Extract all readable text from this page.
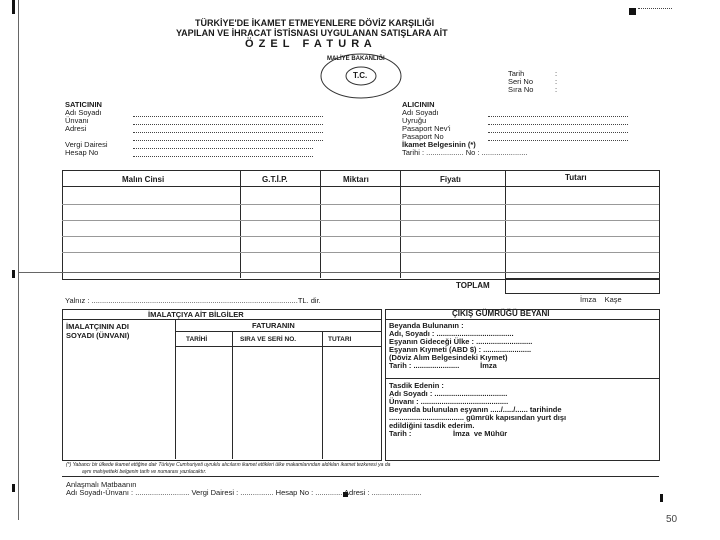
TÜRKİYE'DE İKAMET ETMEYENLERE DÖVİZ KARŞILIĞI
YAPILAN VE İHRACAT İSTİSNASI UYGULANAN SATIŞLARA AİT
Ö Z E L   F A T U R A
MALİYE BAKANLIĞI
T.C.	Tarih	:
Seri No	:
Sıra No	:
SATICININ
Adı Soyadı
Ünvanı
Adresi
Vergi Dairesi
Hesap No
ALICININ
Adı Soyadı
Uyruğu
Pasaport Nev'i
Pasaport No
İkamet Belgesinin (*)
Tarihi : .................. No : ......................
Malın Cinsi	G.T.İ.P.	Miktarı	Fiyatı	Tutarı
TOPLAM
Yalnız : ...................................................................................................TL. dir.	İmza    Kaşe
İMALATÇIYA AİT BİLGİLER
İMALATÇININ ADI SOYADI (ÜNVANI)
FATURANIN
TARİHİ	SIRA VE SERİ NO.	TUTARI
ÇIKIŞ GÜMRÜĞÜ BEYANI
Beyanda Bulunanın :
Adı, Soyadı : .....................................
Eşyanın Gideceği Ülke : ...........................
Eşyanın Kıymeti (ABD $) : .......................
(Döviz Alım Belgesindeki Kıymet)
Tarih : ......................          İmza
Tasdik Edenin :
Adı Soyadı : ...................................
Ünvanı : ..........................................
Beyanda bulunulan eşyanın ...../...../...... tarihinde
.................................... gümrük kapısından yurt dışı
edildiğini tasdik ederim.
Tarih :                    İmza  ve Mühür
(*) Yabancı bir ülkede ikamet ettiğine dair Türkiye Cumhuriyeti uyruklu alıcıların ikamet ettikleri ülke makamlarından aldıkları ikamet tezkeresi ya da
aynı mahiyetteki belgenin tarih ve numarası yazılacaktır.
Anlaşmalı Matbaanın
Adı Soyadı-Ünvanı : .......................... Vergi Dairesi : ................ Hesap No : ............. Adresi : ........................
50
